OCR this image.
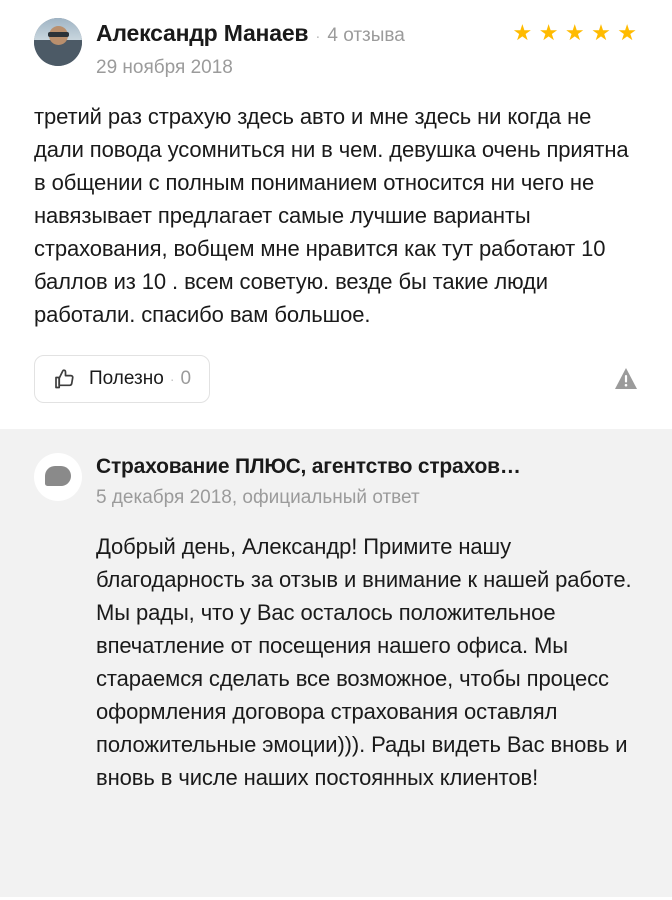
Александр Манаев · 4 отзыва
29 ноября 2018
★ ★ ★ ★ ★
третий раз страхую здесь авто и мне здесь ни когда не дали повода усомниться ни в чем. девушка очень приятна в общении с полным пониманием относится ни чего не навязывает предлагает самые лучшие варианты страхования, вобщем мне нравится как тут работают 10 баллов из 10 . всем советую. везде бы такие люди работали. спасибо вам большое.
Полезно · 0
Страхование ПЛЮС, агентство страхов…
5 декабря 2018, официальный ответ
Добрый день, Александр! Примите нашу благодарность за отзыв и внимание к нашей работе. Мы рады, что у Вас осталось положительное впечатление от посещения нашего офиса. Мы стараемся сделать все возможное, чтобы процесс оформления договора страхования оставлял положительные эмоции))). Рады видеть Вас вновь и вновь в числе наших постоянных клиентов!
